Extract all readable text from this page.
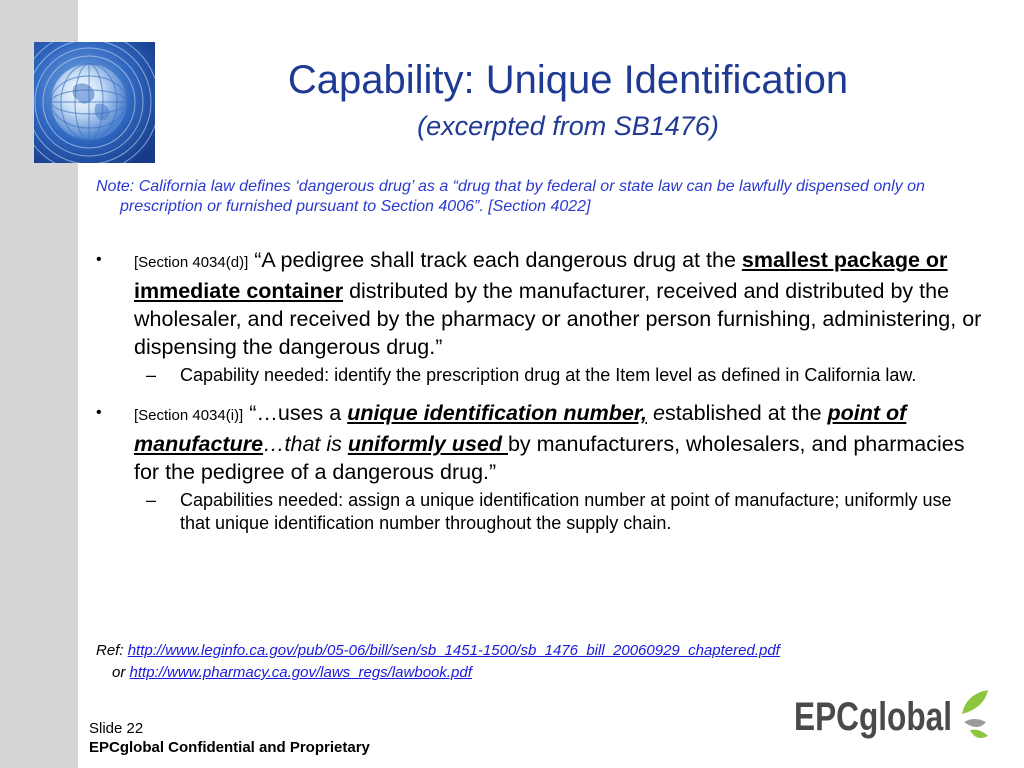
Capability: Unique Identification
(excerpted from SB1476)
Note: California law defines ‘dangerous drug’ as a “drug that by federal or state law can be lawfully dispensed only on prescription or furnished pursuant to Section 4006”. [Section 4022]
• [Section 4034(d)] “A pedigree shall track each dangerous drug at the smallest package or immediate container distributed by the manufacturer, received and distributed by the wholesaler, and received by the pharmacy or another person furnishing, administering, or dispensing the dangerous drug.”
– Capability needed: identify the prescription drug at the Item level as defined in California law.
• [Section 4034(i)] “…uses a unique identification number, established at the point of manufacture…that is uniformly used by manufacturers, wholesalers, and pharmacies for the pedigree of a dangerous drug.”
– Capabilities needed: assign a unique identification number at point of manufacture; uniformly use that unique identification number throughout the supply chain.
Ref: http://www.leginfo.ca.gov/pub/05-06/bill/sen/sb_1451-1500/sb_1476_bill_20060929_chaptered.pdf
or http://www.pharmacy.ca.gov/laws_regs/lawbook.pdf
Slide 22
EPCglobal Confidential and Proprietary
EPCglobal
